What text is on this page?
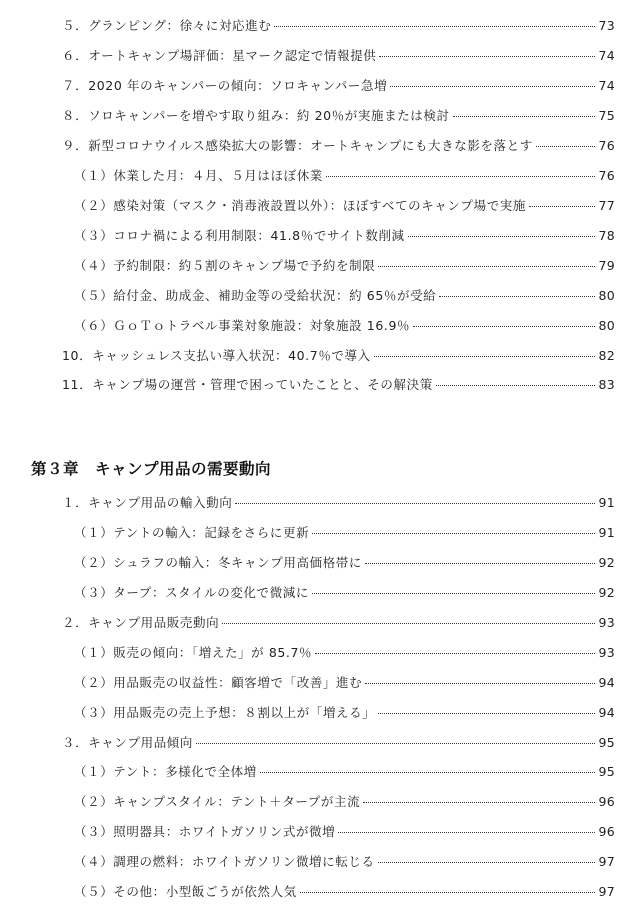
５．グランピング：徐々に対応進む	73
６．オートキャンプ場評価：星マーク認定で情報提供	74
７．2020 年のキャンパーの傾向：ソロキャンパー急増	74
８．ソロキャンパーを増やす取り組み：約 20％が実施または検討	75
９．新型コロナウイルス感染拡大の影響：オートキャンプにも大きな影を落とす	76
（１）休業した月：４月、５月はほぼ休業	76
（２）感染対策（マスク・消毒液設置以外）：ほぼすべてのキャンプ場で実施	77
（３）コロナ禍による利用制限：41.8％でサイト数削減	78
（４）予約制限：約５割のキャンプ場で予約を制限	79
（５）給付金、助成金、補助金等の受給状況：約 65％が受給	80
（６）ＧｏＴｏトラベル事業対象施設：対象施設 16.9％	80
10．キャッシュレス支払い導入状況：40.7％で導入	82
11．キャンプ場の運営・管理で困っていたことと、その解決策	83
第３章 キャンプ用品の需要動向
１．キャンプ用品の輸入動向	91
（１）テントの輸入：記録をさらに更新	91
（２）シュラフの輸入：冬キャンプ用高価格帯に	92
（３）タープ：スタイルの変化で微減に	92
２．キャンプ用品販売動向	93
（１）販売の傾向：「増えた」が 85.7％	93
（２）用品販売の収益性：顧客増で「改善」進む	94
（３）用品販売の売上予想：８割以上が「増える」	94
３．キャンプ用品傾向	95
（１）テント：多様化で全体増	95
（２）キャンプスタイル：テント＋タープが主流	96
（３）照明器具：ホワイトガソリン式が微増	96
（４）調理の燃料：ホワイトガソリン微増に転じる	97
（５）その他：小型飯ごうが依然人気	97
